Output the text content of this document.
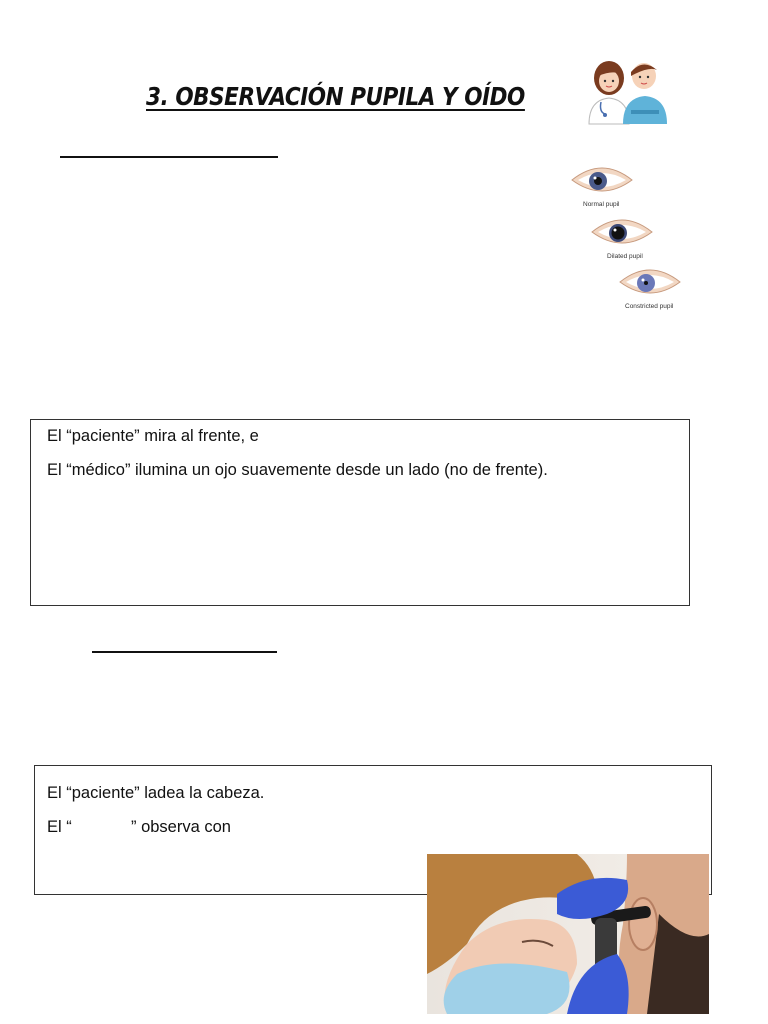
3. OBSERVACIÓN PUPILA Y OÍDO
Normal pupil
Dilated pupil
Constricted pupil

El “paciente” mira al frente, e

El “médico” ilumina un ojo suavemente desde un lado (no de frente).

El “paciente” ladea la cabeza.

El “	” observa con
